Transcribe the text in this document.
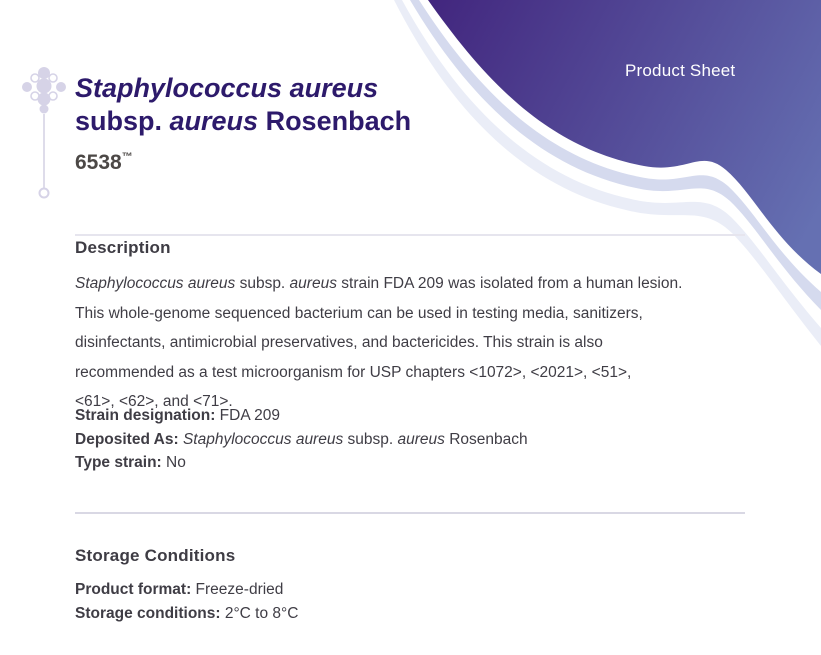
Product Sheet
Staphylococcus aureus
subsp. aureus Rosenbach
6538™
Description
Staphylococcus aureus subsp. aureus strain FDA 209 was isolated from a human lesion.
This whole-genome sequenced bacterium can be used in testing media, sanitizers,
disinfectants, antimicrobial preservatives, and bactericides. This strain is also
recommended as a test microorganism for USP chapters <1072>, <2021>, <51>,
<61>, <62>, and <71>.
Strain designation: FDA 209
Deposited As: Staphylococcus aureus subsp. aureus Rosenbach
Type strain: No
Storage Conditions
Product format: Freeze-dried
Storage conditions: 2°C to 8°C
